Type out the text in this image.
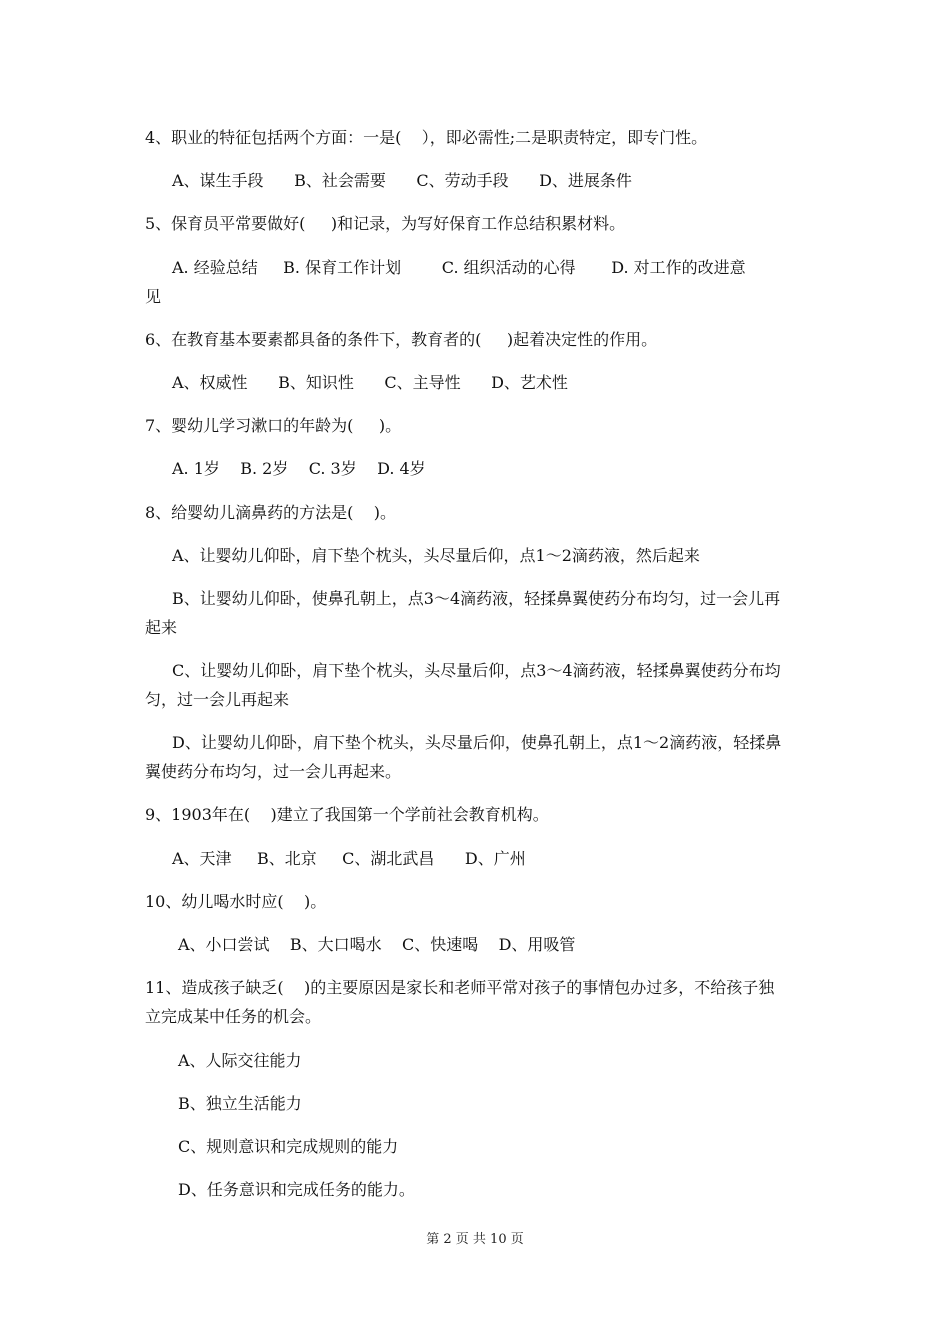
4、职业的特征包括两个方面：一是(    ），即必需性;二是职责特定，即专门性。
A、谋生手段      B、社会需要      C、劳动手段      D、进展条件
5、保育员平常要做好(     )和记录，为写好保育工作总结积累材料。
A. 经验总结     B. 保育工作计划        C. 组织活动的心得       D. 对工作的改进意
见
6、在教育基本要素都具备的条件下，教育者的(     )起着决定性的作用。
A、权威性      B、知识性      C、主导性      D、艺术性
7、婴幼儿学习漱口的年龄为(     )。
A. 1岁    B. 2岁    C. 3岁    D. 4岁
8、给婴幼儿滴鼻药的方法是(    )。
A、让婴幼儿仰卧，肩下垫个枕头，头尽量后仰，点1～2滴药液，然后起来
B、让婴幼儿仰卧，使鼻孔朝上，点3～4滴药液，轻揉鼻翼使药分布均匀，过一会儿再
起来
C、让婴幼儿仰卧，肩下垫个枕头，头尽量后仰，点3～4滴药液，轻揉鼻翼使药分布均
匀，过一会儿再起来
D、让婴幼儿仰卧，肩下垫个枕头，头尽量后仰，使鼻孔朝上，点1～2滴药液，轻揉鼻
翼使药分布均匀，过一会儿再起来。
9、1903年在(    )建立了我国第一个学前社会教育机构。
A、天津     B、北京     C、湖北武昌      D、广州
10、幼儿喝水时应(    )。
A、小口尝试    B、大口喝水    C、快速喝    D、用吸管
11、造成孩子缺乏(    )的主要原因是家长和老师平常对孩子的事情包办过多，不给孩子独
立完成某中任务的机会。
A、人际交往能力
B、独立生活能力
C、规则意识和完成规则的能力
D、任务意识和完成任务的能力。
第 2 页 共 10 页
